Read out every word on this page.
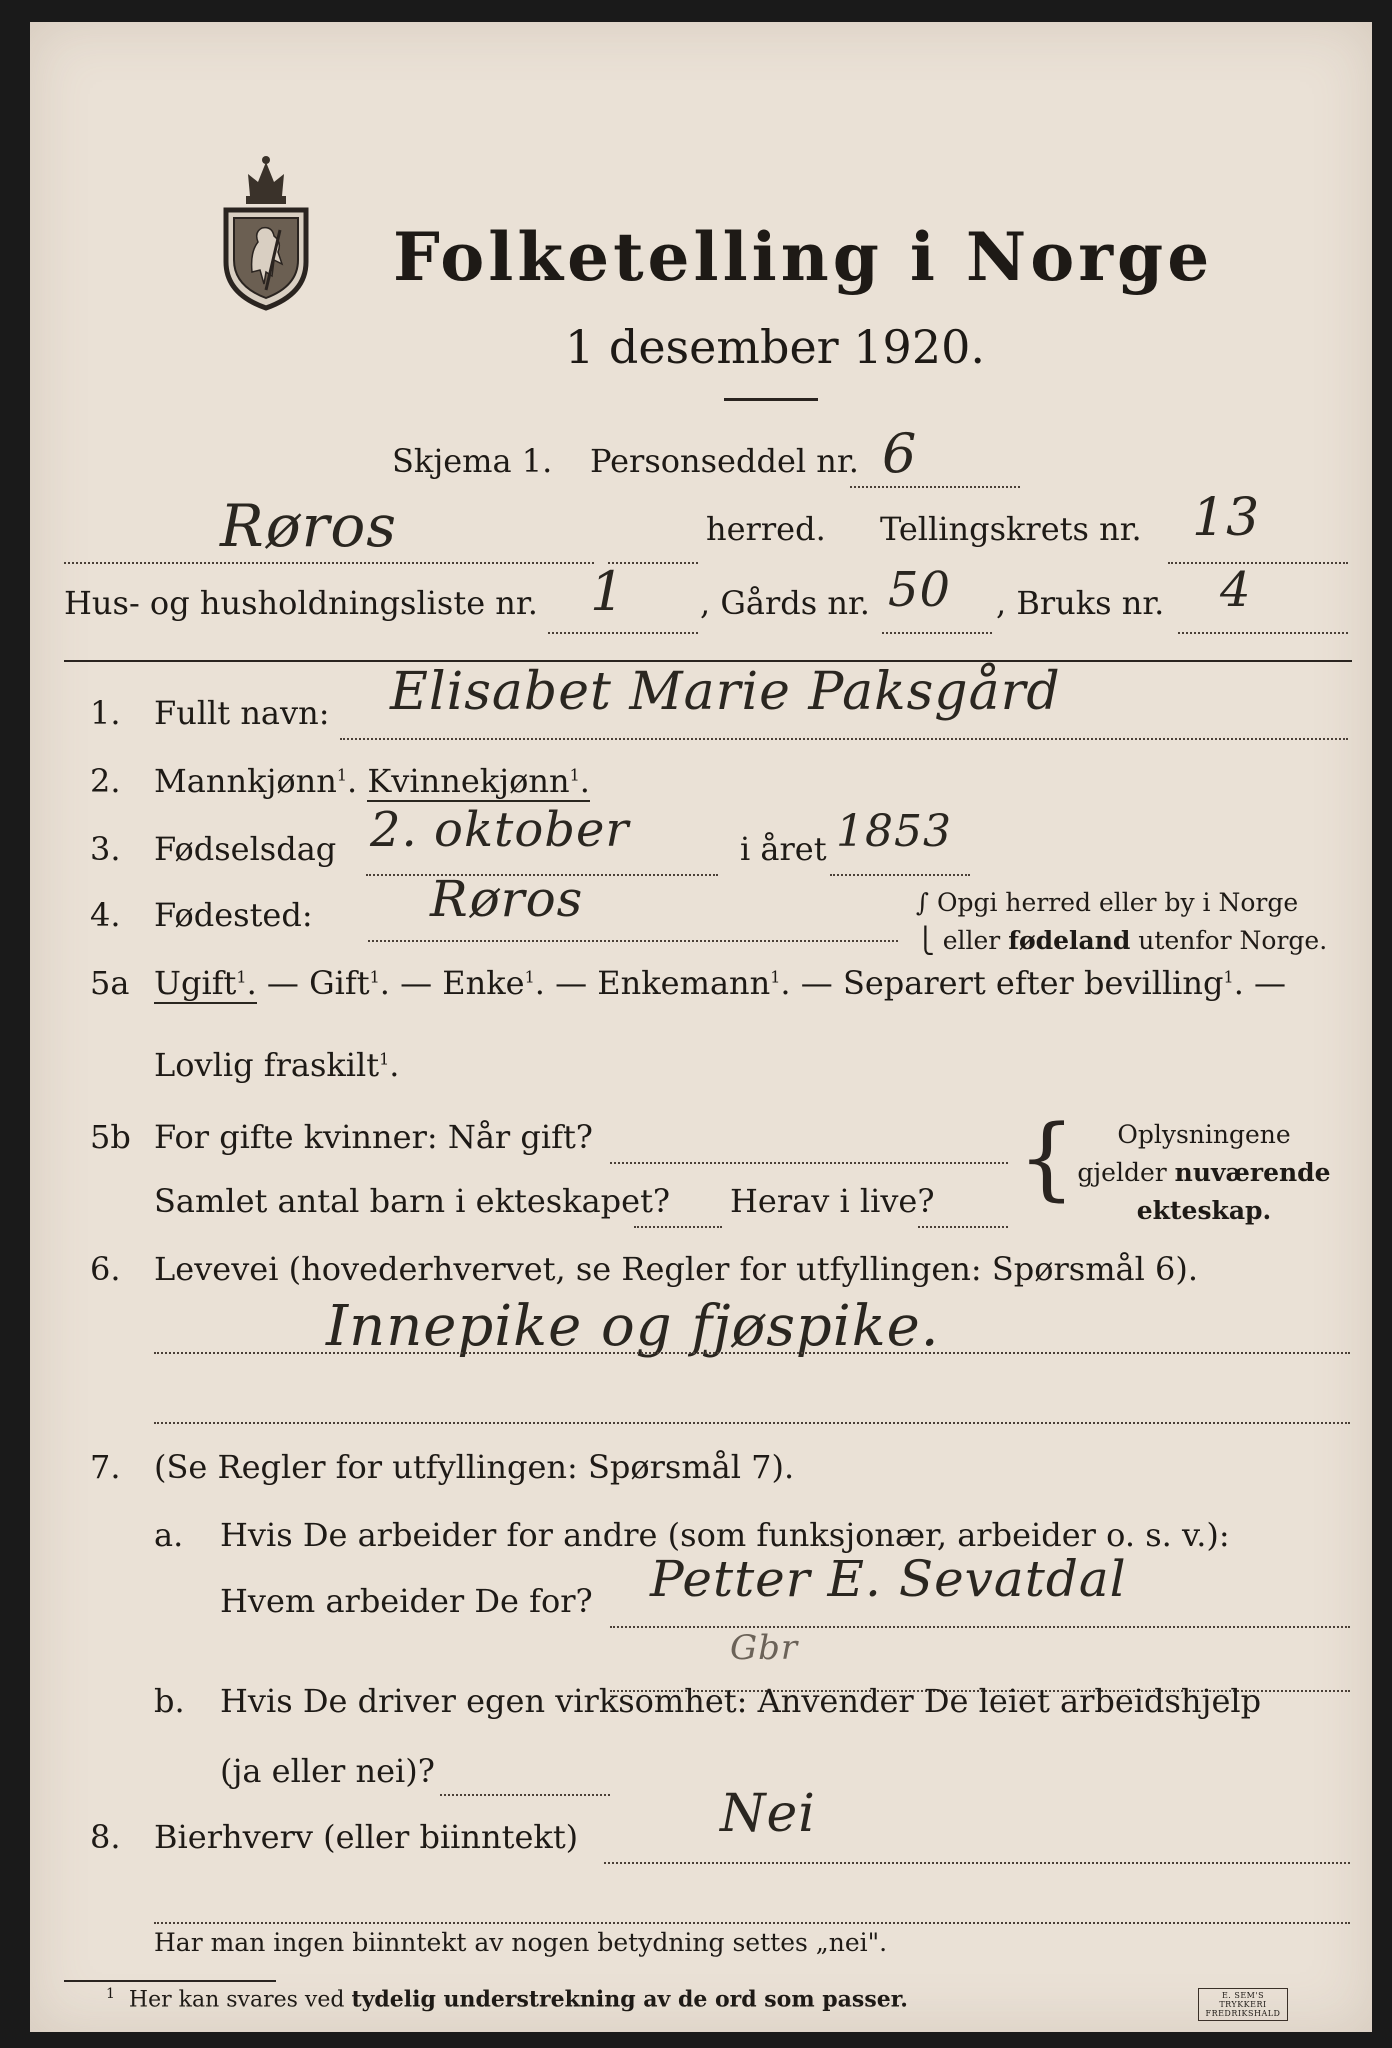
Folketelling i Norge
1 desember 1920.
Skjema 1. Personseddel nr. 6
Røros	herred. Tellingskrets nr. 13
Hus- og husholdningsliste nr. 1 , Gårds nr. 50 , Bruks nr. 4
1. Fullt navn: Elisabet Marie Paksgård
2. Mannkjønn$^1$. Kvinnekjønn$^1$.
3. Fødselsdag 2. oktober	i året 1853
4. Fødested: Røros	∫ Opgi herred eller by i Norge
⎩ eller fødeland utenfor Norge.
5a Ugift$^1$. — Gift$^1$. — Enke$^1$. — Enkemann$^1$. — Separert efter bevilling$^1$. —
Lovlig fraskilt$^1$.
5b For gifte kvinner: Når gift?
Samlet antal barn i ekteskapet? Herav i live? {	Oplysningene
gjelder nuværende
ekteskap.
6. Levevei (hovederhvervet, se Regler for utfyllingen: Spørsmål 6).
Innepike og fjøspike.
7. (Se Regler for utfyllingen: Spørsmål 7).
a. Hvis De arbeider for andre (som funksjonær, arbeider o. s. v.):
Hvem arbeider De for? Petter E. Sevatdal
Gbr
b. Hvis De driver egen virksomhet: Anvender De leiet arbeidshjelp
(ja eller nei)?
8. Bierhverv (eller biinntekt)	Nei
Har man ingen biinntekt av nogen betydning settes „nei".
$^1$ Her kan svares ved tydelig understrekning av de ord som passer.	E. SEM'S TRYKKERI
FREDRIKSHALD
